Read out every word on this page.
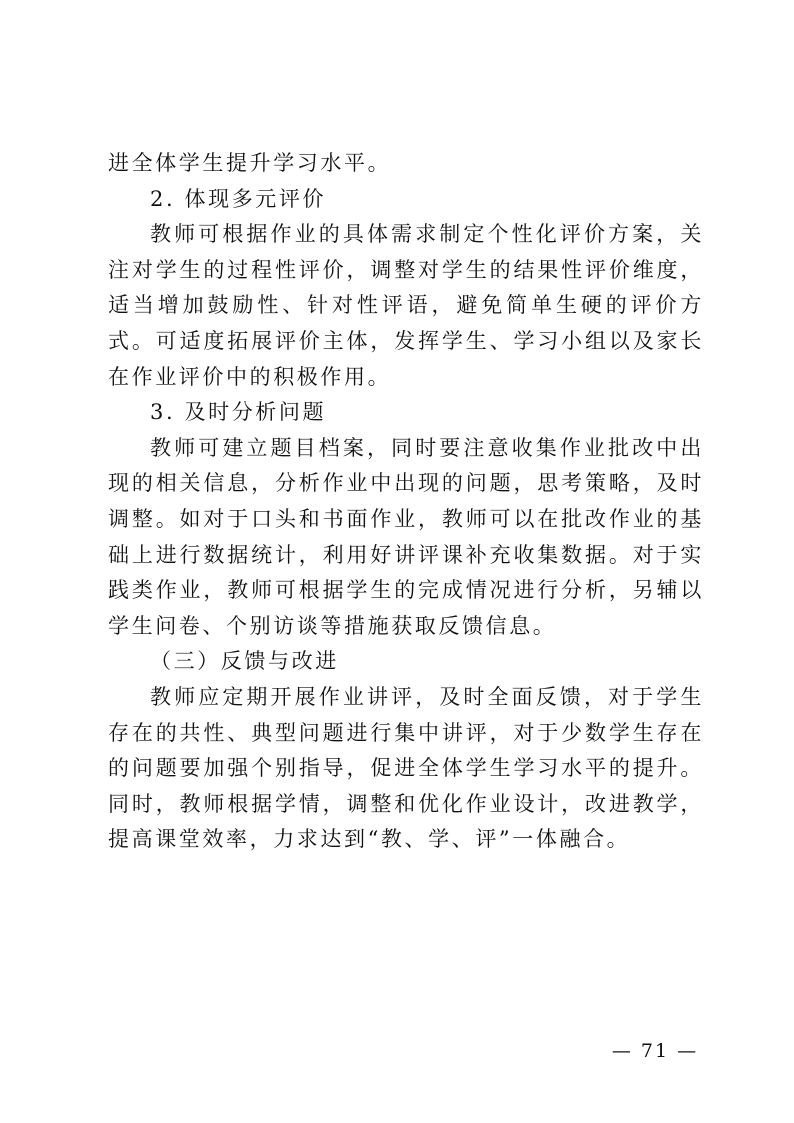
进全体学生提升学习水平。

2. 体现多元评价

教师可根据作业的具体需求制定个性化评价方案，关注对学生的过程性评价，调整对学生的结果性评价维度，适当增加鼓励性、针对性评语，避免简单生硬的评价方式。可适度拓展评价主体，发挥学生、学习小组以及家长在作业评价中的积极作用。

3. 及时分析问题

教师可建立题目档案，同时要注意收集作业批改中出现的相关信息，分析作业中出现的问题，思考策略，及时调整。如对于口头和书面作业，教师可以在批改作业的基础上进行数据统计，利用好讲评课补充收集数据。对于实践类作业，教师可根据学生的完成情况进行分析，另辅以学生问卷、个别访谈等措施获取反馈信息。

（三）反馈与改进

教师应定期开展作业讲评，及时全面反馈，对于学生存在的共性、典型问题进行集中讲评，对于少数学生存在的问题要加强个别指导，促进全体学生学习水平的提升。同时，教师根据学情，调整和优化作业设计，改进教学，提高课堂效率，力求达到“教、学、评”一体融合。

— 71 —
